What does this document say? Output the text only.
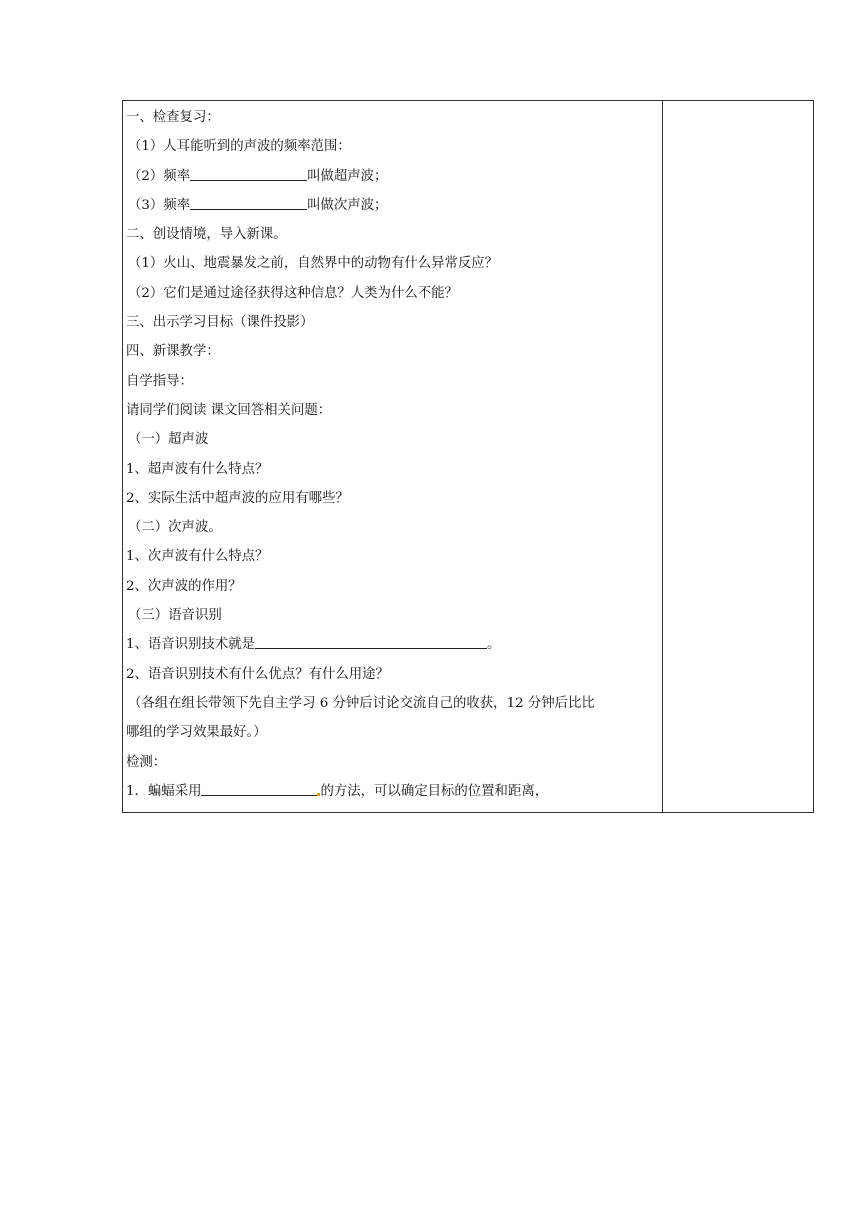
一、检查复习：
（1）人耳能听到的声波的频率范围：
（2）频率	叫做超声波；
（3）频率	叫做次声波；
二、创设情境，导入新课。
（1）火山、地震暴发之前，自然界中的动物有什么异常反应？
（2）它们是通过途径获得这种信息？人类为什么不能？
三、出示学习目标（课件投影）
四、新课教学：
自学指导：
请同学们阅读 课文回答相关问题：
（一）超声波
1、超声波有什么特点？
2、实际生活中超声波的应用有哪些？
（二）次声波。
1、次声波有什么特点？
2、次声波的作用？
（三）语音识别
1、语音识别技术就是	。
2、语音识别技术有什么优点？有什么用途？
（各组在组长带领下先自主学习 6 分钟后讨论交流自己的收获，12 分钟后比比
哪组的学习效果最好。）
检测：
1．蝙蝠采用	的方法，可以确定目标的位置和距离，
